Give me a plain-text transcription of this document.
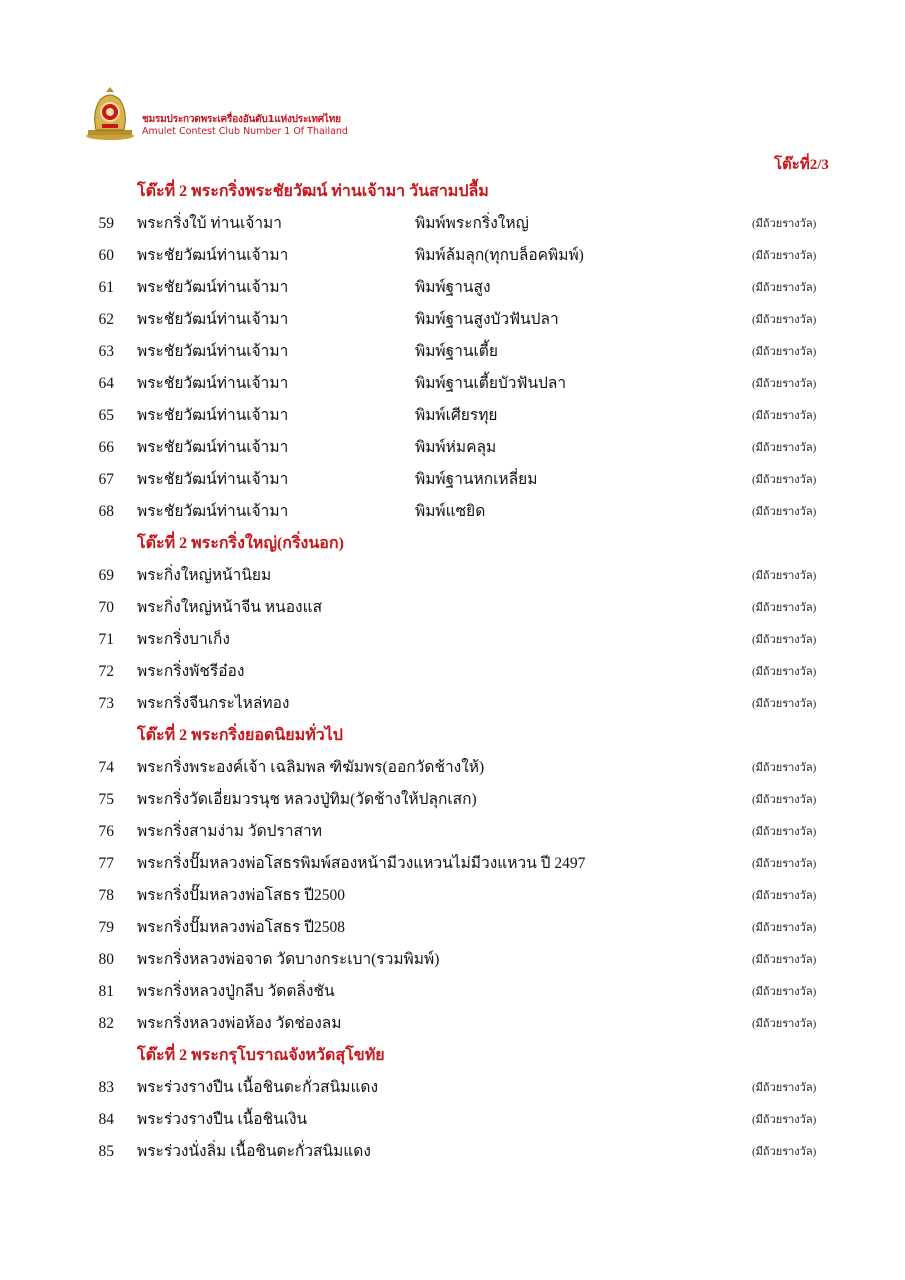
ชมรมประกวดพระเครื่องอันดับ1แห่งประเทศไทย
Amulet Contest Club Number 1 Of Thailand
โต๊ะที่2/3
โต๊ะที่ 2 พระกริ่งพระชัยวัฒน์ ท่านเจ้ามา วันสามปลื้ม
59 พระกริ่งใบ้ ท่านเจ้ามา	พิมพ์พระกริ่งใหญ่	(มีถ้วยรางวัล)
60 พระชัยวัฒน์ท่านเจ้ามา	พิมพ์ล้มลุก(ทุกบล็อคพิมพ์)	(มีถ้วยรางวัล)
61 พระชัยวัฒน์ท่านเจ้ามา	พิมพ์ฐานสูง	(มีถ้วยรางวัล)
62 พระชัยวัฒน์ท่านเจ้ามา	พิมพ์ฐานสูงบัวฟันปลา	(มีถ้วยรางวัล)
63 พระชัยวัฒน์ท่านเจ้ามา	พิมพ์ฐานเตี้ย	(มีถ้วยรางวัล)
64 พระชัยวัฒน์ท่านเจ้ามา	พิมพ์ฐานเตี้ยบัวฟันปลา	(มีถ้วยรางวัล)
65 พระชัยวัฒน์ท่านเจ้ามา	พิมพ์เศียรทุย	(มีถ้วยรางวัล)
66 พระชัยวัฒน์ท่านเจ้ามา	พิมพ์ห่มคลุม	(มีถ้วยรางวัล)
67 พระชัยวัฒน์ท่านเจ้ามา	พิมพ์ฐานหกเหลี่ยม	(มีถ้วยรางวัล)
68 พระชัยวัฒน์ท่านเจ้ามา	พิมพ์แซยิด	(มีถ้วยรางวัล)
โต๊ะที่ 2 พระกริ่งใหญ่(กริ่งนอก)
69 พระกิ่งใหญ่หน้านิยม	(มีถ้วยรางวัล)
70 พระกิ่งใหญ่หน้าจีน หนองแส	(มีถ้วยรางวัล)
71 พระกริ่งบาเก็ง	(มีถ้วยรางวัล)
72 พระกริ่งพัชรีอ๋อง	(มีถ้วยรางวัล)
73 พระกริ่งจีนกระไหล่ทอง	(มีถ้วยรางวัล)
โต๊ะที่ 2 พระกริ่งยอดนิยมทั่วไป
74 พระกริ่งพระองค์เจ้า เฉลิมพล ฑิฆัมพร(ออกวัดช้างให้)	(มีถ้วยรางวัล)
75 พระกริ่งวัดเอี่ยมวรนุช หลวงปู่ทิม(วัดช้างให้ปลุกเสก)	(มีถ้วยรางวัล)
76 พระกริ่งสามง่าม วัดปราสาท	(มีถ้วยรางวัล)
77 พระกริ่งปั๊มหลวงพ่อโสธรพิมพ์สองหน้ามีวงแหวนไม่มีวงแหวน ปี 2497	(มีถ้วยรางวัล)
78 พระกริ่งปั๊มหลวงพ่อโสธร ปี2500	(มีถ้วยรางวัล)
79 พระกริ่งปั๊มหลวงพ่อโสธร ปี2508	(มีถ้วยรางวัล)
80 พระกริ่งหลวงพ่อจาด วัดบางกระเบา(รวมพิมพ์)	(มีถ้วยรางวัล)
81 พระกริ่งหลวงปู่กลีบ วัดตลิ่งชัน	(มีถ้วยรางวัล)
82 พระกริ่งหลวงพ่อห้อง วัดช่องลม	(มีถ้วยรางวัล)
โต๊ะที่ 2 พระกรุโบราณจังหวัดสุโขทัย
83 พระร่วงรางปืน เนื้อชินตะกั่วสนิมแดง	(มีถ้วยรางวัล)
84 พระร่วงรางปืน เนื้อชินเงิน	(มีถ้วยรางวัล)
85 พระร่วงนั่งลิ่ม เนื้อชินตะกั่วสนิมแดง	(มีถ้วยรางวัล)
